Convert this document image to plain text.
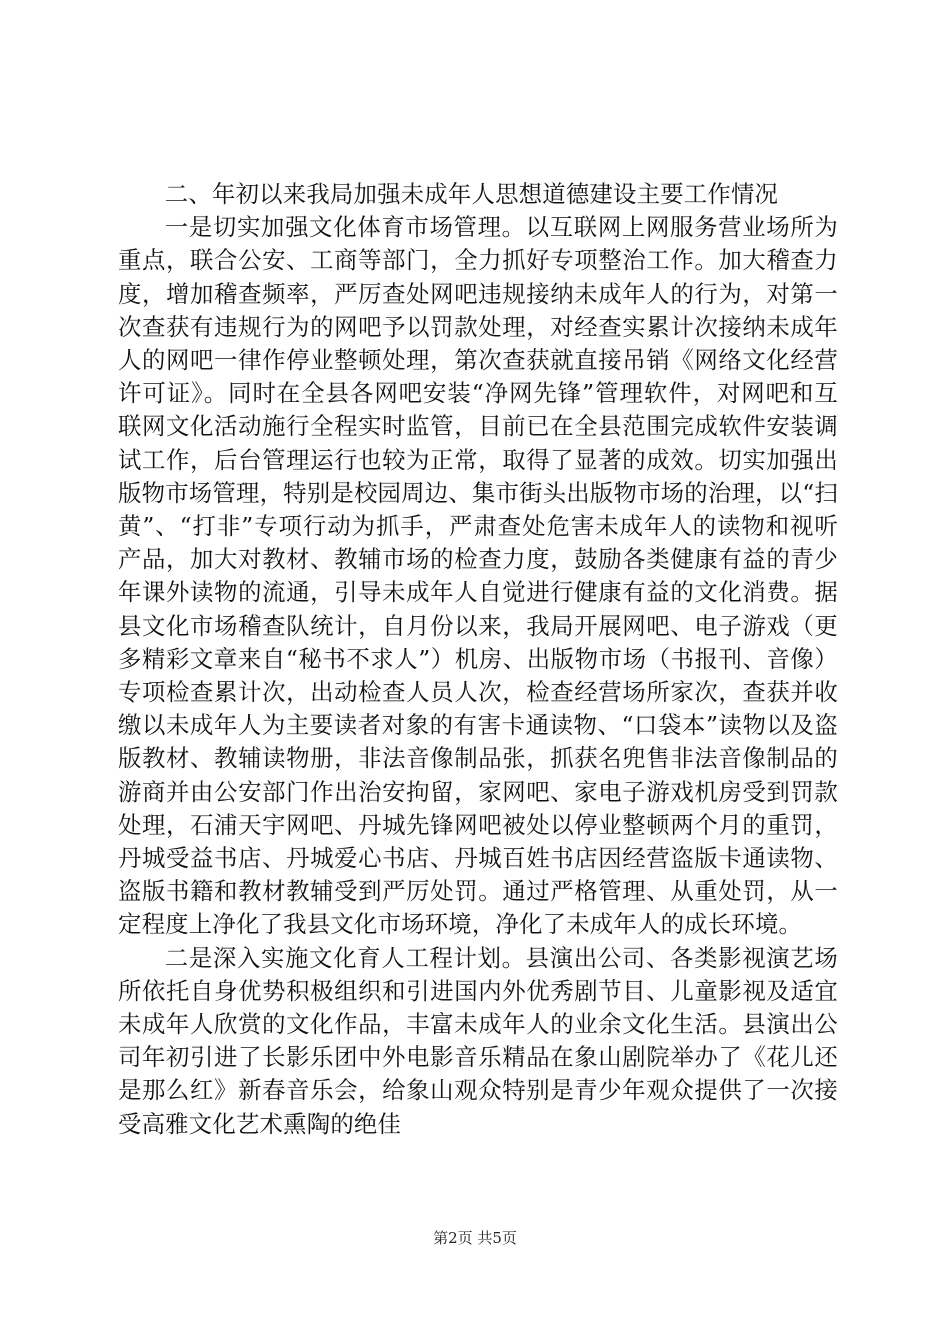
二、年初以来我局加强未成年人思想道德建设主要工作情况

一是切实加强文化体育市场管理。以互联网上网服务营业场所为重点，联合公安、工商等部门，全力抓好专项整治工作。加大稽查力度，增加稽查频率，严厉查处网吧违规接纳未成年人的行为，对第一次查获有违规行为的网吧予以罚款处理，对经查实累计次接纳未成年人的网吧一律作停业整顿处理，第次查获就直接吊销《网络文化经营许可证》。同时在全县各网吧安装“净网先锋”管理软件，对网吧和互联网文化活动施行全程实时监管，目前已在全县范围完成软件安装调试工作，后台管理运行也较为正常，取得了显著的成效。切实加强出版物市场管理，特别是校园周边、集市街头出版物市场的治理，以“扫黄”、“打非”专项行动为抓手，严肃查处危害未成年人的读物和视听产品，加大对教材、教辅市场的检查力度，鼓励各类健康有益的青少年课外读物的流通，引导未成年人自觉进行健康有益的文化消费。据县文化市场稽查队统计，自月份以来，我局开展网吧、电子游戏（更多精彩文章来自“秘书不求人”）机房、出版物市场（书报刊、音像）专项检查累计次，出动检查人员人次，检查经营场所家次，查获并收缴以未成年人为主要读者对象的有害卡通读物、“口袋本”读物以及盗版教材、教辅读物册，非法音像制品张，抓获名兜售非法音像制品的游商并由公安部门作出治安拘留，家网吧、家电子游戏机房受到罚款处理，石浦天宇网吧、丹城先锋网吧被处以停业整顿两个月的重罚，丹城受益书店、丹城爱心书店、丹城百姓书店因经营盗版卡通读物、盗版书籍和教材教辅受到严厉处罚。通过严格管理、从重处罚，从一定程度上净化了我县文化市场环境，净化了未成年人的成长环境。

二是深入实施文化育人工程计划。县演出公司、各类影视演艺场所依托自身优势积极组织和引进国内外优秀剧节目、儿童影视及适宜未成年人欣赏的文化作品，丰富未成年人的业余文化生活。县演出公司年初引进了长影乐团中外电影音乐精品在象山剧院举办了《花儿还是那么红》新春音乐会，给象山观众特别是青少年观众提供了一次接受高雅文化艺术熏陶的绝佳

第2页 共5页
